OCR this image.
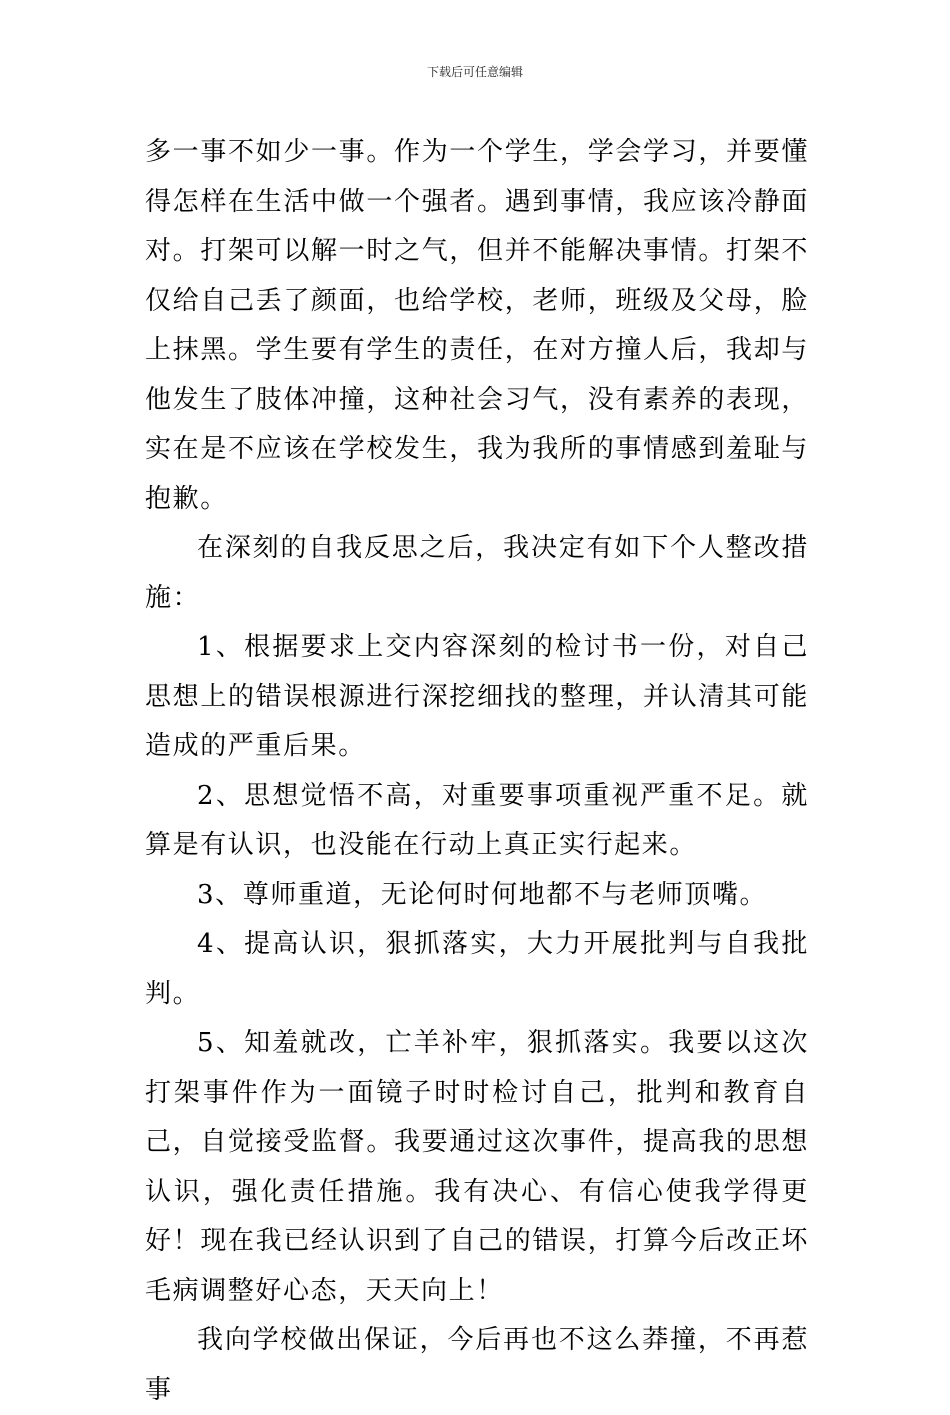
下载后可任意编辑

多一事不如少一事。作为一个学生，学会学习，并要懂得怎样在生活中做一个强者。遇到事情，我应该冷静面对。打架可以解一时之气，但并不能解决事情。打架不仅给自己丢了颜面，也给学校，老师，班级及父母，脸上抹黑。学生要有学生的责任，在对方撞人后，我却与他发生了肢体冲撞，这种社会习气，没有素养的表现，实在是不应该在学校发生，我为我所的事情感到羞耻与抱歉。

在深刻的自我反思之后，我决定有如下个人整改措施：

1、根据要求上交内容深刻的检讨书一份，对自己思想上的错误根源进行深挖细找的整理，并认清其可能造成的严重后果。

2、思想觉悟不高，对重要事项重视严重不足。就算是有认识，也没能在行动上真正实行起来。

3、尊师重道，无论何时何地都不与老师顶嘴。

4、提高认识，狠抓落实，大力开展批判与自我批判。

5、知羞就改，亡羊补牢，狠抓落实。我要以这次打架事件作为一面镜子时时检讨自己，批判和教育自己，自觉接受监督。我要通过这次事件，提高我的思想认识，强化责任措施。我有决心、有信心使我学得更好！现在我已经认识到了自己的错误，打算今后改正坏毛病调整好心态，天天向上！

我向学校做出保证，今后再也不这么莽撞，不再惹事
